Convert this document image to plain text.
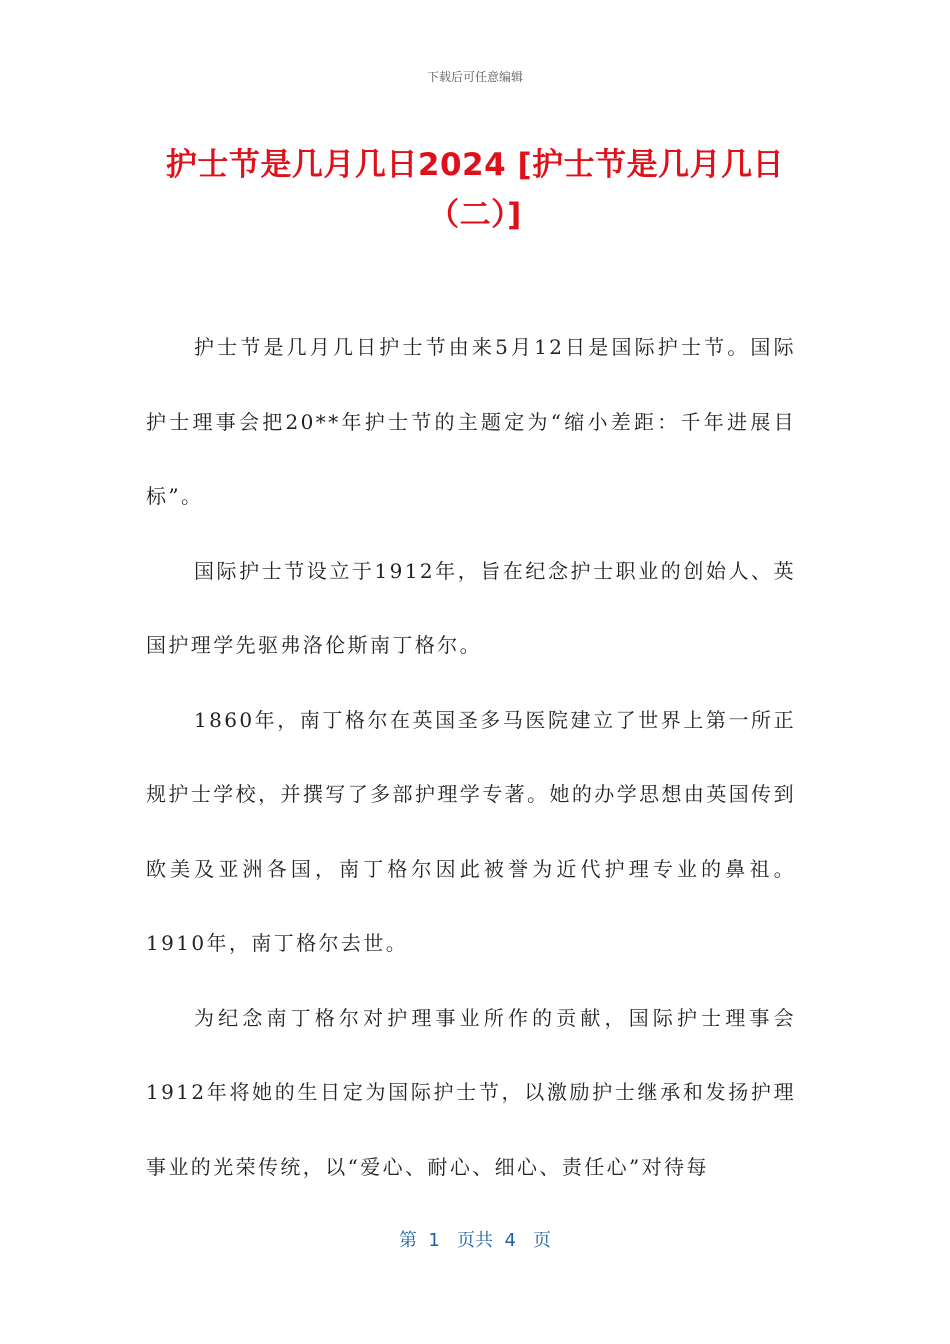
下载后可任意编辑
护士节是几月几日2024 [护士节是几月几日（二）]

护士节是几月几日护士节由来5月12日是国际护士节。国际护士理事会把20**年护士节的主题定为“缩小差距：千年进展目标”。

国际护士节设立于1912年，旨在纪念护士职业的创始人、英国护理学先驱弗洛伦斯南丁格尔。

1860年，南丁格尔在英国圣多马医院建立了世界上第一所正规护士学校，并撰写了多部护理学专著。她的办学思想由英国传到欧美及亚洲各国，南丁格尔因此被誉为近代护理专业的鼻祖。1910年，南丁格尔去世。

为纪念南丁格尔对护理事业所作的贡献，国际护士理事会1912年将她的生日定为国际护士节，以激励护士继承和发扬护理事业的光荣传统，以“爱心、耐心、细心、责任心”对待每

第  1   页共  4   页
